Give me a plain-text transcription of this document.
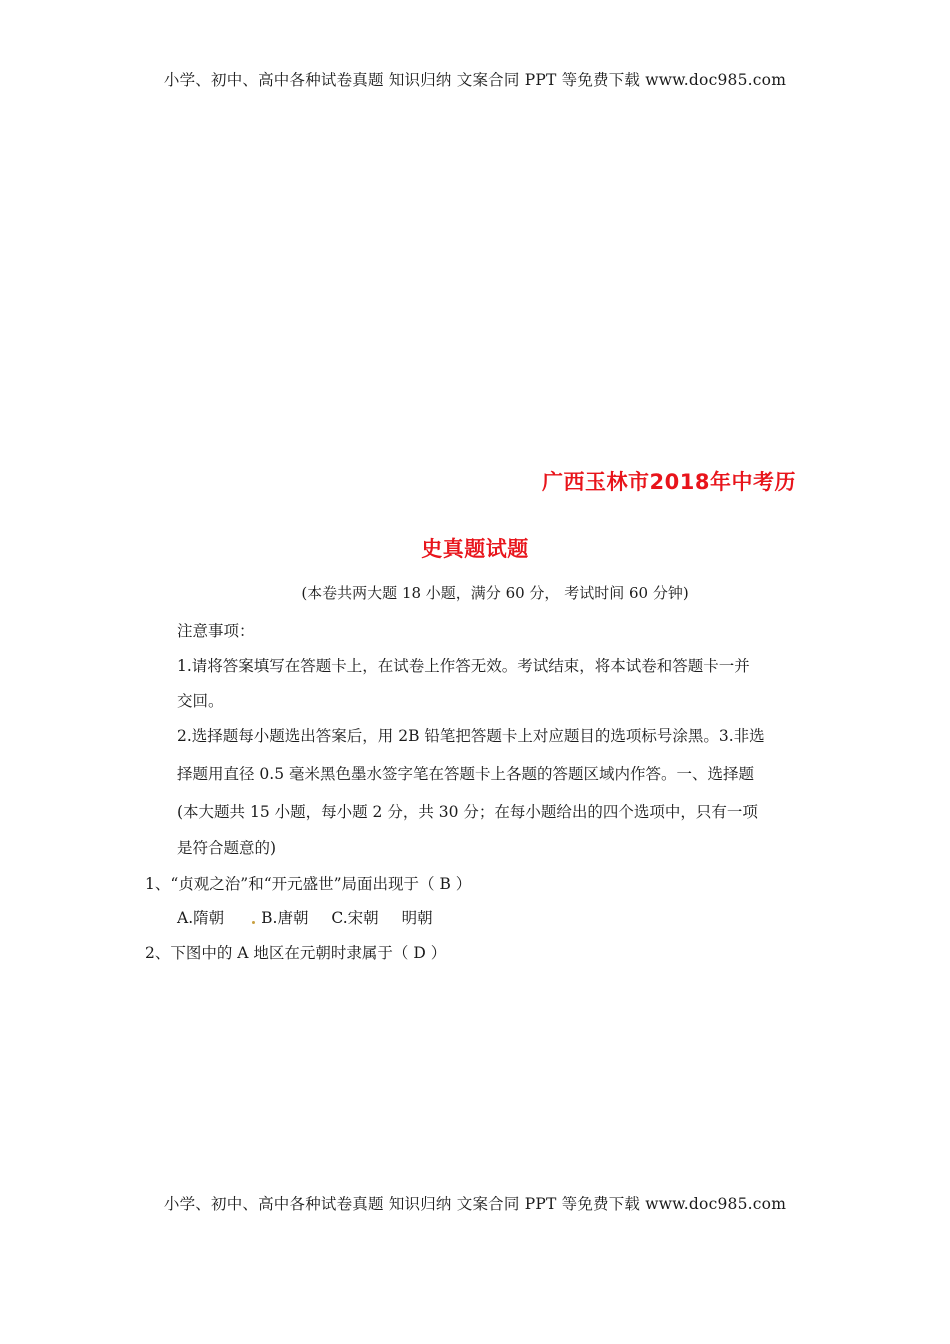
小学、初中、高中各种试卷真题 知识归纳 文案合同 PPT 等免费下载 www.doc985.com
广西玉林市2018年中考历
史真题试题
(本卷共两大题 18 小题，满分 60 分， 考试时间 60 分钟)
注意事项：
1.请将答案填写在答题卡上，在试卷上作答无效。考试结束，将本试卷和答题卡一并
交回。
2.选择题每小题选出答案后，用 2B 铅笔把答题卡上对应题目的选项标号涂黑。3.非选
择题用直径 0.5 毫米黑色墨水签字笔在答题卡上各题的答题区域内作答。一、选择题
(本大题共 15 小题，每小题 2 分，共 30 分；在每小题给出的四个选项中，只有一项
是符合题意的)
1、“贞观之治”和“开元盛世”局面出现于（ B ）
A.隋朝 B.唐朝 C.宋朝 明朝
2、下图中的 A 地区在元朝时隶属于（ D ）
小学、初中、高中各种试卷真题 知识归纳 文案合同 PPT 等免费下载 www.doc985.com
